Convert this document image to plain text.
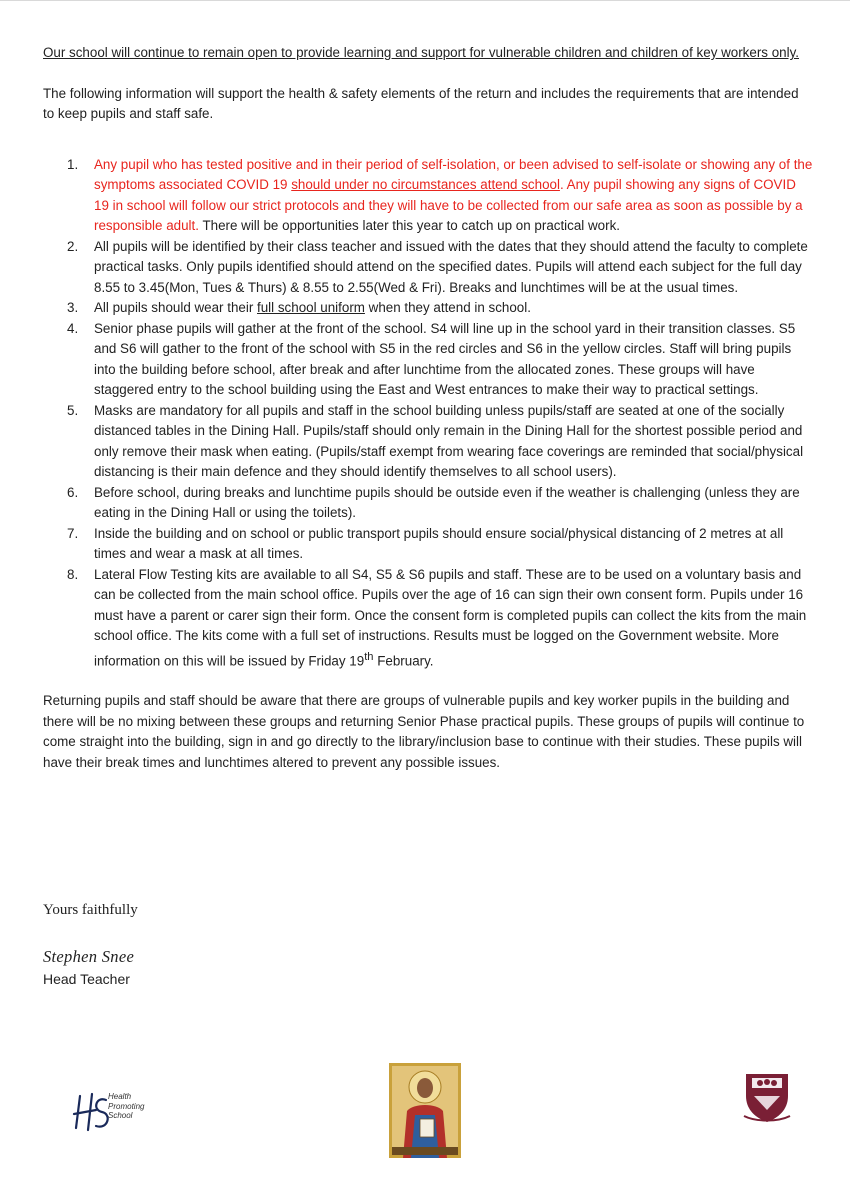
Our school will continue to remain open to provide learning and support for vulnerable children and children of key workers only.

The following information will support the health & safety elements of the return and includes the requirements that are intended to keep pupils and staff safe.

1. Any pupil who has tested positive and in their period of self-isolation, or been advised to self-isolate or showing any of the symptoms associated COVID 19 should under no circumstances attend school. Any pupil showing any signs of COVID 19 in school will follow our strict protocols and they will have to be collected from our safe area as soon as possible by a responsible adult. There will be opportunities later this year to catch up on practical work.
2. All pupils will be identified by their class teacher and issued with the dates that they should attend the faculty to complete practical tasks. Only pupils identified should attend on the specified dates. Pupils will attend each subject for the full day 8.55 to 3.45(Mon, Tues & Thurs) & 8.55 to 2.55(Wed & Fri). Breaks and lunchtimes will be at the usual times.
3. All pupils should wear their full school uniform when they attend in school.
4. Senior phase pupils will gather at the front of the school. S4 will line up in the school yard in their transition classes. S5 and S6 will gather to the front of the school with S5 in the red circles and S6 in the yellow circles. Staff will bring pupils into the building before school, after break and after lunchtime from the allocated zones. These groups will have staggered entry to the school building using the East and West entrances to make their way to practical settings.
5. Masks are mandatory for all pupils and staff in the school building unless pupils/staff are seated at one of the socially distanced tables in the Dining Hall. Pupils/staff should only remain in the Dining Hall for the shortest possible period and only remove their mask when eating. (Pupils/staff exempt from wearing face coverings are reminded that social/physical distancing is their main defence and they should identify themselves to all school users).
6. Before school, during breaks and lunchtime pupils should be outside even if the weather is challenging (unless they are eating in the Dining Hall or using the toilets).
7. Inside the building and on school or public transport pupils should ensure social/physical distancing of 2 metres at all times and wear a mask at all times.
8. Lateral Flow Testing kits are available to all S4, S5 & S6 pupils and staff. These are to be used on a voluntary basis and can be collected from the main school office. Pupils over the age of 16 can sign their own consent form. Pupils under 16 must have a parent or carer sign their form. Once the consent form is completed pupils can collect the kits from the main school office. The kits come with a full set of instructions. Results must be logged on the Government website. More information on this will be issued by Friday 19th February.

Returning pupils and staff should be aware that there are groups of vulnerable pupils and key worker pupils in the building and there will be no mixing between these groups and returning Senior Phase practical pupils. These groups of pupils will continue to come straight into the building, sign in and go directly to the library/inclusion base to continue with their studies. These pupils will have their break times and lunchtimes altered to prevent any possible issues.

Yours faithfully
Stephen Snee
Head Teacher
Health
Promoting
School
